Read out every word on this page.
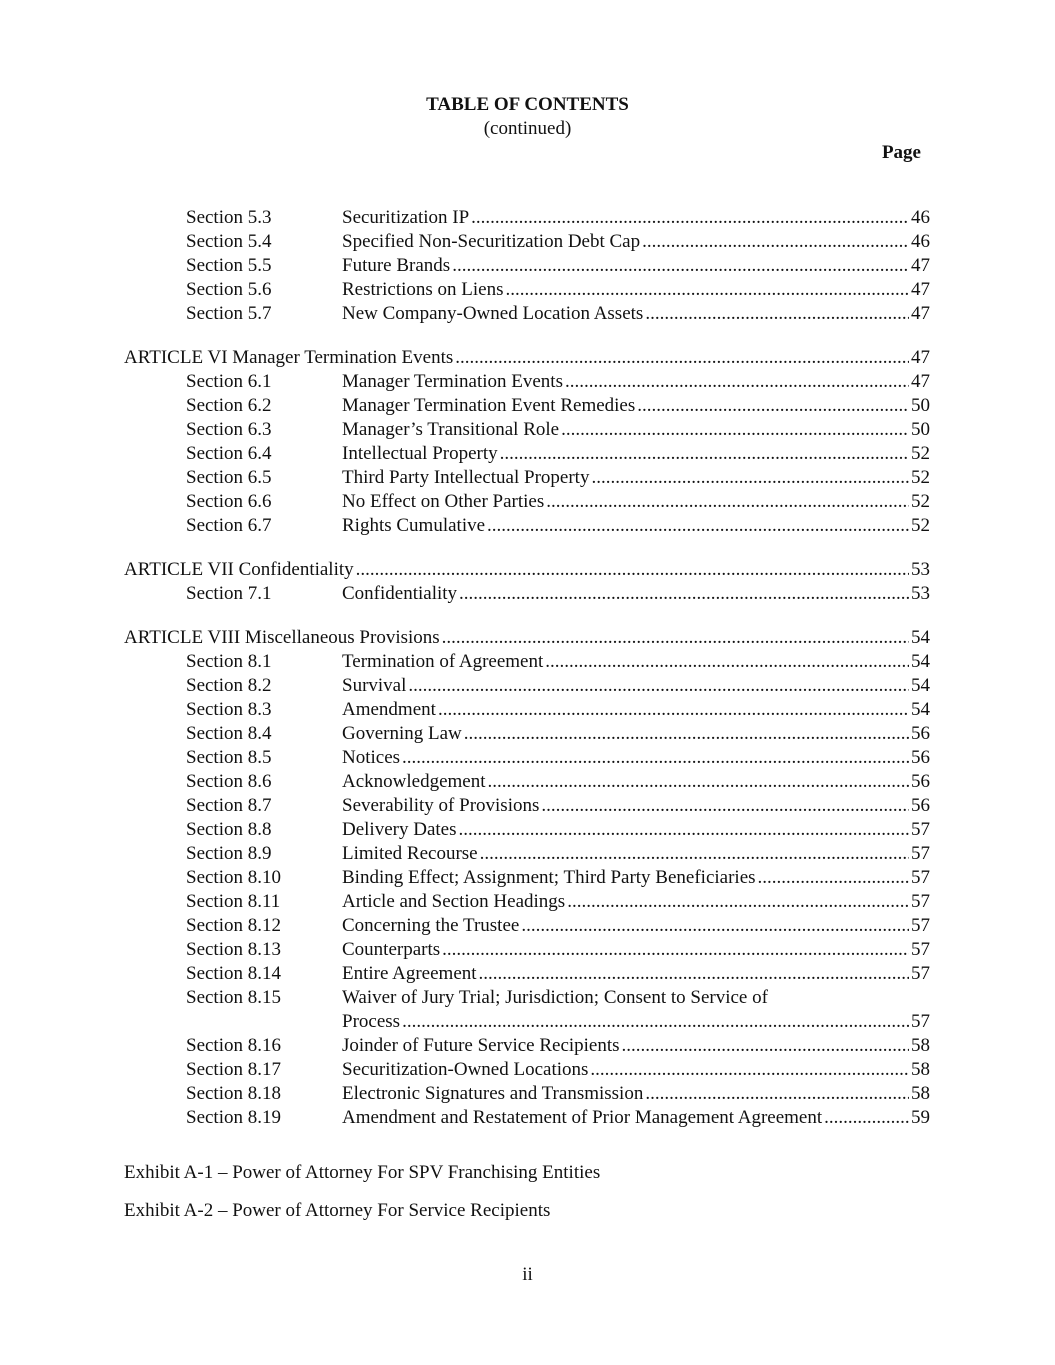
TABLE OF CONTENTS
(continued)
Page
Section 5.3	Securitization IP .....	46
Section 5.4	Specified Non-Securitization Debt Cap .....	46
Section 5.5	Future Brands .....	47
Section 5.6	Restrictions on Liens .....	47
Section 5.7	New Company-Owned Location Assets .....	47
ARTICLE VI Manager Termination Events .....	47
Section 6.1	Manager Termination Events .....	47
Section 6.2	Manager Termination Event Remedies .....	50
Section 6.3	Manager’s Transitional Role .....	50
Section 6.4	Intellectual Property .....	52
Section 6.5	Third Party Intellectual Property .....	52
Section 6.6	No Effect on Other Parties .....	52
Section 6.7	Rights Cumulative .....	52
ARTICLE VII Confidentiality .....	53
Section 7.1	Confidentiality .....	53
ARTICLE VIII Miscellaneous Provisions .....	54
Section 8.1	Termination of Agreement .....	54
Section 8.2	Survival .....	54
Section 8.3	Amendment .....	54
Section 8.4	Governing Law .....	56
Section 8.5	Notices .....	56
Section 8.6	Acknowledgement .....	56
Section 8.7	Severability of Provisions .....	56
Section 8.8	Delivery Dates .....	57
Section 8.9	Limited Recourse .....	57
Section 8.10	Binding Effect; Assignment; Third Party Beneficiaries .....	57
Section 8.11	Article and Section Headings .....	57
Section 8.12	Concerning the Trustee .....	57
Section 8.13	Counterparts .....	57
Section 8.14	Entire Agreement .....	57
Section 8.15	Waiver of Jury Trial; Jurisdiction; Consent to Service of
Process .....	57
Section 8.16	Joinder of Future Service Recipients .....	58
Section 8.17	Securitization-Owned Locations .....	58
Section 8.18	Electronic Signatures and Transmission .....	58
Section 8.19	Amendment and Restatement of Prior Management Agreement .....	59
Exhibit A-1 – Power of Attorney For SPV Franchising Entities
Exhibit A-2 – Power of Attorney For Service Recipients
ii
